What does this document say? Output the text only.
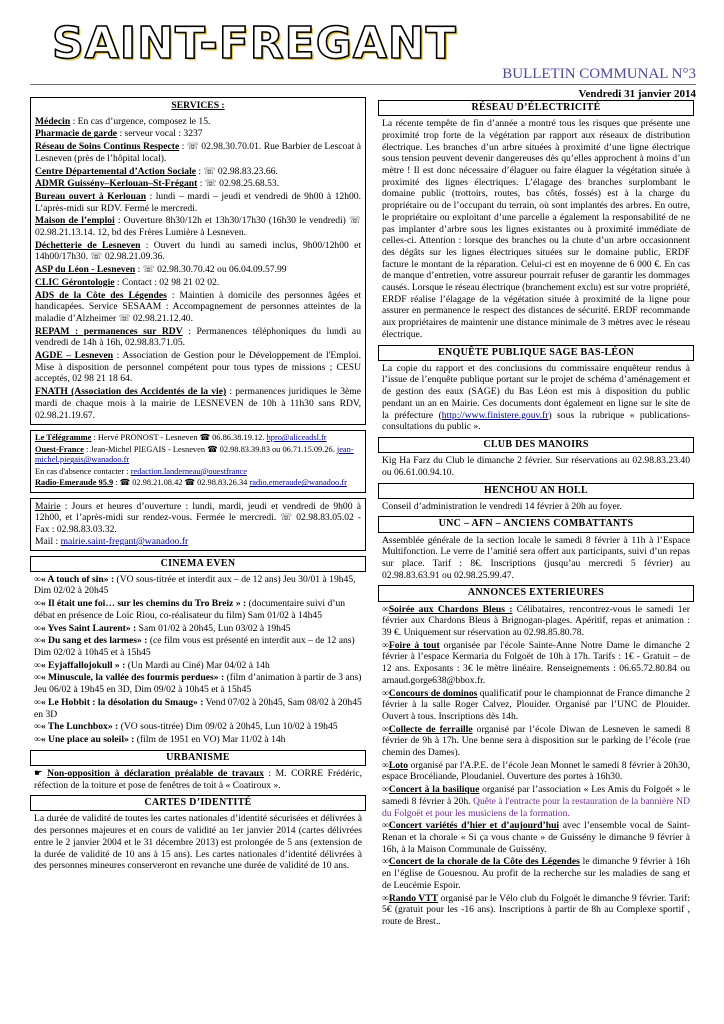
SAINT-FREGANT
BULLETIN COMMUNAL N°3
Vendredi 31 janvier 2014
SERVICES :

Médecin : En cas d’urgence, composez le 15.

Pharmacie de garde : serveur vocal : 3237

Réseau de Soins Continus Respecte : ☏ 02.98.30.70.01. Rue Barbier de Lescoat à Lesneven (près de l’hôpital local).

Centre Départemental d’Action Sociale : ☏ 02.98.83.23.66.

ADMR Guissény–Kerlouan–St-Frégant : ☏ 02.98.25.68.53.

Bureau ouvert à Kerlouan : lundi – mardi – jeudi et vendredi de 9h00 à 12h00. L’après-midi sur RDV. Fermé le mercredi.

Maison de l’emploi : Ouverture 8h30/12h et 13h30/17h30 (16h30 le vendredi) ☏ 02.98.21.13.14. 12, bd des Frères Lumière à Lesneven.

Déchetterie de Lesneven : Ouvert du lundi au samedi inclus, 9h00/12h00 et 14h00/17h30. ☏ 02.98.21.09.36.

ASP du Léon - Lesneven : ☏ 02.98.30.70.42 ou 06.04.09.57.99

CLIC Gérontologie : Contact : 02 98 21 02 02.

ADS de la Côte des Légendes : Maintien à domicile des personnes âgées et handicapées. Service SESAAM : Accompagnement de personnes atteintes de la maladie d’Alzheimer ☏ 02.98.21.12.40.

REPAM : permanences sur RDV : Permanences téléphoniques du lundi au vendredi de 14h à 16h, 02.98.83.71.05.

AGDE – Lesneven : Association de Gestion pour le Développement de l'Emploi. Mise à disposition de personnel compétent pour tous types de missions ; CESU acceptés, 02 98 21 18 64.

FNATH (Association des Accidentés de la vie) : permanences juridiques le 3ème mardi de chaque mois à la mairie de LESNEVEN de 10h à 11h30 sans RDV, 02.98.21.19.67.

Le Télégramme : Hervé PRONOST - Lesneven ☎ 06.86.38.19.12. hpro@aliceadsl.fr

Ouest-France : Jean-Michel PIEGAIS - Lesneven ☎ 02.98.83.39.83 ou 06.71.15.09.26. jean-michel.piegais@wanadoo.fr

En cas d'absence contacter : redaction.landerneau@ouestfrance

Radio-Emeraude 95.9 : ☎ 02.98.21.08.42 ☎ 02.98.83.26.34 radio.emeraude@wanadoo.fr

Mairie : Jours et heures d’ouverture : lundi, mardi, jeudi et vendredi de 9h00 à 12h00, et l’après-midi sur rendez-vous. Fermée le mercredi. ☏ 02.98.83.05.02 - Fax : 02.98.83.03.32.
Mail : mairie.saint-fregant@wanadoo.fr
CINEMA EVEN

∞« A touch of sin» : (VO sous-titrée et interdit aux – de 12 ans) Jeu 30/01 à 19h45, Dim 02/02 à 20h45

∞« Il était une foi… sur les chemins du Tro Breiz » : (documentaire suivi d’un débat en présence de Loïc Riou, co-réalisateur du film) Sam 01/02 à 14h45

∞« Yves Saint Laurent» : Sam 01/02 à 20h45, Lun 03/02 à 19h45

∞« Du sang et des larmes» : (ce film vous est présenté en interdit aux – de 12 ans) Dim 02/02 à 10h45 et à 15h45

∞« Eyjaffallojokull » : (Un Mardi au Ciné) Mar 04/02 à 14h

∞« Minuscule, la vallée des fourmis perdues» : (film d’animation à partir de 3 ans) Jeu 06/02 à 19h45 en 3D, Dim 09/02 à 10h45 et à 15h45

∞« Le Hobbit : la désolation du Smaug» : Vend 07/02 à 20h45, Sam 08/02 à 20h45 en 3D

∞« The Lunchbox» : (VO sous-titrée) Dim 09/02 à 20h45, Lun 10/02 à 19h45

∞« Une place au soleil» : (film de 1951 en VO) Mar 11/02 à 14h

URBANISME
☛ Non-opposition à déclaration préalable de travaux : M. CORRE Frédéric, réfection de la toiture et pose de fenêtres de toit à « Coatiroux ».
CARTES D’IDENTITÉ
La durée de validité de toutes les cartes nationales d’identité sécurisées et délivrées à des personnes majeures et en cours de validité au 1er janvier 2014 (cartes délivrées entre le 2 janvier 2004 et le 31 décembre 2013) est prolongée de 5 ans (extension de la durée de validité de 10 ans à 15 ans). Les cartes nationales d’identité délivrées à des personnes mineures conserveront en revanche une durée de validité de 10 ans.
RÉSEAU D’ÉLECTRICITÉ
La récente tempête de fin d’année a montré tous les risques que présente une proximité trop forte de la végétation par rapport aux réseaux de distribution électrique. Les branches d’un arbre situées à proximité d’une ligne électrique sous tension peuvent devenir dangereuses dès qu’elles approchent à moins d’un mètre ! Il est donc nécessaire d’élaguer ou faire élaguer la végétation située à proximité des lignes électriques. L’élagage des branches surplombant le domaine public (trottoirs, routes, bas côtés, fossés) est à la charge du propriétaire ou de l’occupant du terrain, où sont implantés des arbres. En outre, le propriétaire ou exploitant d’une parcelle a également la responsabilité de ne pas implanter d’arbre sous les lignes existantes ou à proximité immédiate de celles-ci. Attention : lorsque des branches ou la chute d’un arbre occasionnent des dégâts sur les lignes électriques situées sur le domaine public, ERDF facture le montant de la réparation. Celui-ci est en moyenne de 6 000 €. En cas de manque d’entretien, votre assureur pourrait refuser de garantir les dommages causés. Lorsque le réseau électrique (branchement exclu) est sur votre propriété, ERDF réalise l’élagage de la végétation située à proximité de la ligne pour assurer en permanence le respect des distances de sécurité. ERDF recommande aux propriétaires de maintenir une distance minimale de 3 mètres avec le réseau électrique.
ENQUÊTE PUBLIQUE SAGE BAS-LÉON
La copie du rapport et des conclusions du commissaire enquêteur rendus à l’issue de l’enquête publique portant sur le projet de schéma d’aménagement et de gestion des eaux (SAGE) du Bas Léon est mis à disposition du public pendant un an en Mairie. Ces documents dont également en ligne sur le site de la préfecture (http://www.finistere.gouv.fr) sous la rubrique « publications-consultations du public ».
CLUB DES MANOIRS
Kig Ha Farz du Club le dimanche 2 février. Sur réservations au 02.98.83.23.40 ou 06.61.00.94.10.
HENCHOU AN HOLL
Conseil d’administration le vendredi 14 février à 20h au foyer.
UNC – AFN – ANCIENS COMBATTANTS
Assemblée générale de la section locale le samedi 8 février à 11h à l’Espace Multifonction. Le verre de l’amitié sera offert aux participants, suivi d’un repas sur place. Tarif : 8€. Inscriptions (jusqu’au mercredi 5 février) au 02.98.83.63.91 ou 02.98.25.99.47.
ANNONCES EXTERIEURES

∞Soirée aux Chardons Bleus : Célibataires, rencontrez-vous le samedi 1er février aux Chardons Bleus à Brignogan-plages. Apéritif, repas et animation : 39 €. Uniquement sur réservation au 02.98.85.80.78.

∞Foire à tout organisée par l'école Sainte-Anne Notre Dame le dimanche 2 février à l’espace Kermaria du Folgoët de 10h à 17h. Tarifs : 1€ - Gratuit – de 12 ans. Exposants : 3€ le mètre linéaire. Renseignements : 06.65.72.80.84 ou arnaud.gorge638@bbox.fr.

∞Concours de dominos qualificatif pour le championnat de France dimanche 2 février à la salle Roger Calvez, Plouider. Organisé par l’UNC de Plouider. Ouvert à tous. Inscriptions dès 14h.

∞Collecte de ferraille organisé par l’école Diwan de Lesneven le samedi 8 février de 9h à 17h. Une benne sera à disposition sur le parking de l’école (rue chemin des Dames).

∞Loto organisé par l'A.P.E. de l’école Jean Monnet le samedi 8 février à 20h30, espace Brocéliande, Ploudaniel. Ouverture des portes à 16h30.

∞Concert à la basilique organisé par l’association « Les Amis du Folgoët » le samedi 8 février à 20h. Quête à l'entracte pour la restauration de la bannière ND du Folgoët et pour les musiciens de la formation.

∞Concert variétés d’hier et d’aujourd’hui avec l’ensemble vocal de Saint-Renan et la chorale « Si ça vous chante » de Guissény le dimanche 9 février à 16h, à la Maison Communale de Guissény.

∞Concert de la chorale de la Côte des Légendes le dimanche 9 février à 16h en l’église de Gouesnou. Au profit de la recherche sur les maladies de sang et de Leucémie Espoir.

∞Rando VTT organisé par le Vélo club du Folgoët le dimanche 9 février. Tarif: 5€ (gratuit pour les -16 ans). Inscriptions à partir de 8h au Complexe sportif , route de Brest..
